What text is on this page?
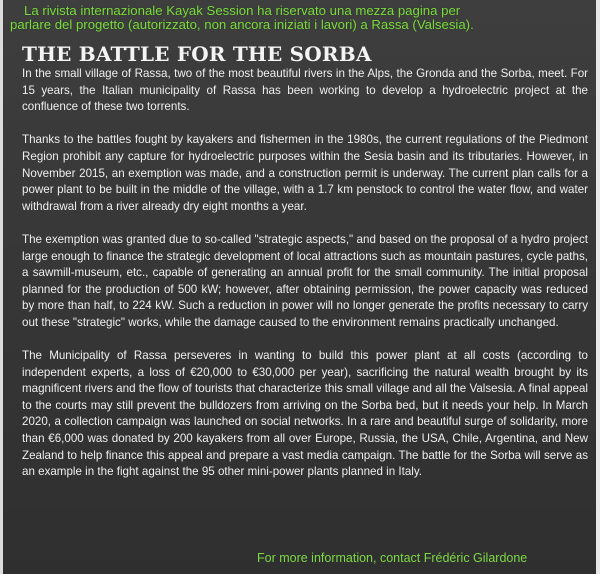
La rivista internazionale Kayak Session ha riservato una mezza pagina per
parlare del progetto (autorizzato, non ancora iniziati i lavori) a Rassa (Valsesia).
THE BATTLE FOR THE SORBA

In the small village of Rassa, two of the most beautiful rivers in the Alps, the Gronda and the Sorba, meet. For 15 years, the Italian municipality of Rassa has been working to develop a hydroelectric project at the confluence of these two torrents.

Thanks to the battles fought by kayakers and fishermen in the 1980s, the current regulations of the Piedmont Region prohibit any capture for hydroelectric purposes within the Sesia basin and its tributaries. However, in November 2015, an exemption was made, and a construction permit is underway. The current plan calls for a power plant to be built in the middle of the village, with a 1.7 km penstock to control the water flow, and water withdrawal from a river already dry eight months a year.

The exemption was granted due to so-called "strategic aspects," and based on the proposal of a hydro project large enough to finance the strategic development of local attractions such as mountain pastures, cycle paths, a sawmill-museum, etc., capable of generating an annual profit for the small community. The initial proposal planned for the production of 500 kW; however, after obtaining permission, the power capacity was reduced by more than half, to 224 kW. Such a reduction in power will no longer generate the profits necessary to carry out these "strategic" works, while the damage caused to the environment remains practically unchanged.

The Municipality of Rassa perseveres in wanting to build this power plant at all costs (according to independent experts, a loss of €20,000 to €30,000 per year), sacrificing the natural wealth brought by its magnificent rivers and the flow of tourists that characterize this small village and all the Valsesia. A final appeal to the courts may still prevent the bulldozers from arriving on the Sorba bed, but it needs your help. In March 2020, a collection campaign was launched on social networks. In a rare and beautiful surge of solidarity, more than €6,000 was donated by 200 kayakers from all over Europe, Russia, the USA, Chile, Argentina, and New Zealand to help finance this appeal and prepare a vast media campaign. The battle for the Sorba will serve as an example in the fight against the 95 other mini-power plants planned in Italy.

For more information, contact Frédéric Gilardone
